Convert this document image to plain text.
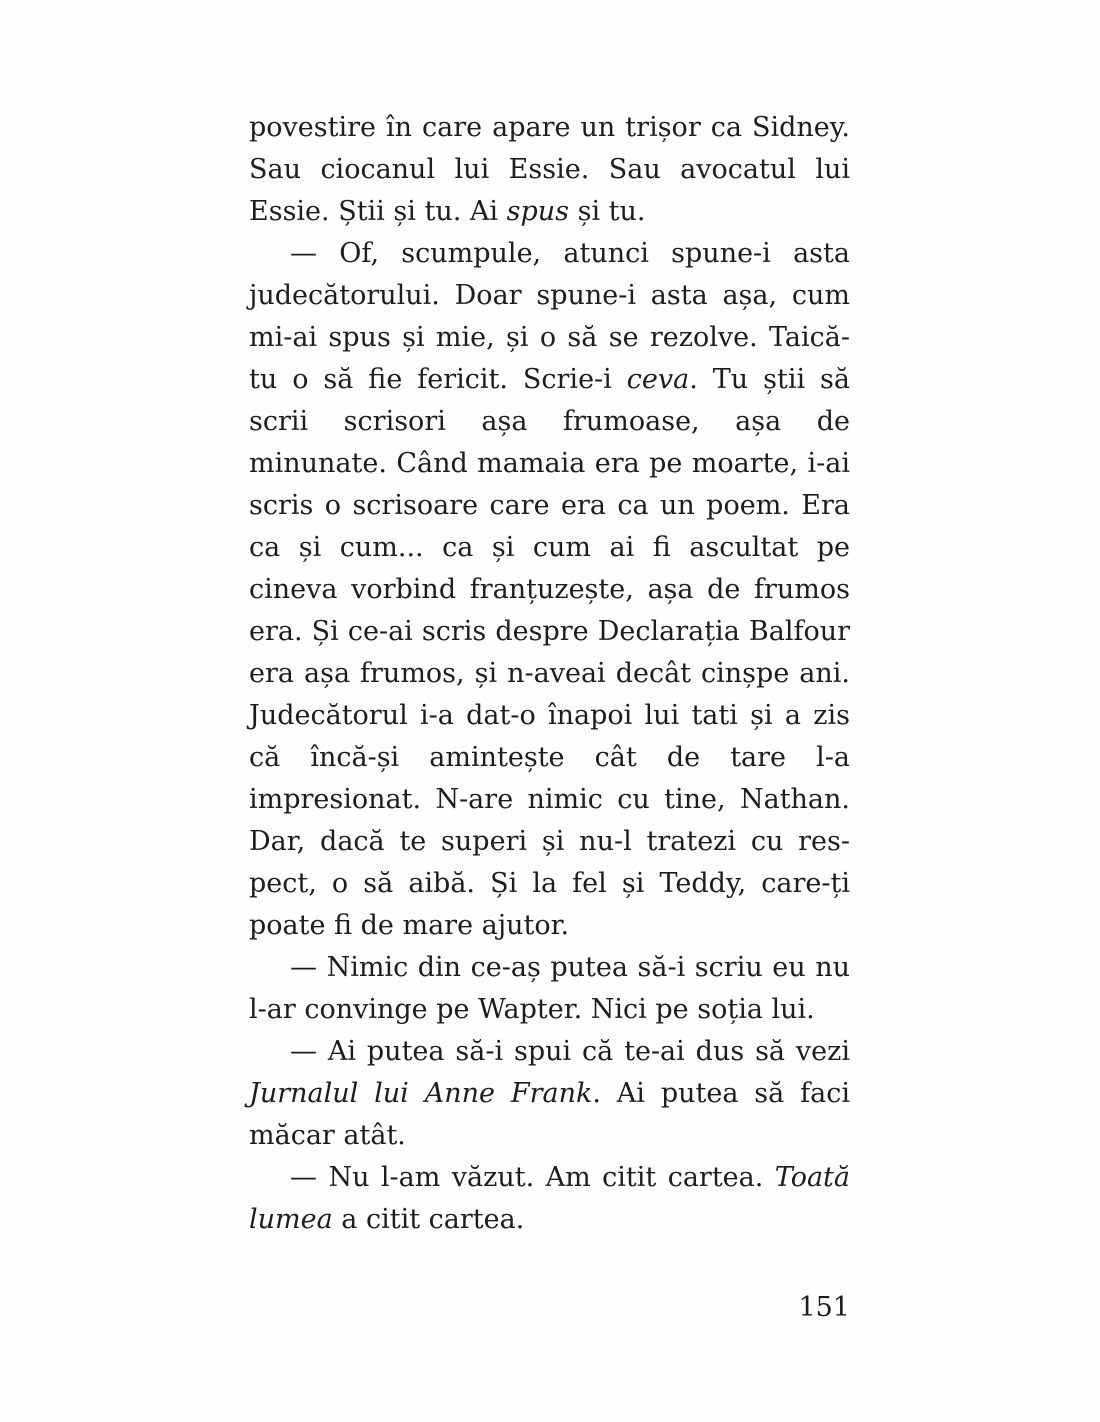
povestire în care apare un trișor ca Sidney. Sau ciocanul lui Essie. Sau avocatul lui Essie. Știi și tu. Ai spus și tu.

— Of, scumpule, atunci spune-i asta judecătorului. Doar spune-i asta așa, cum mi-ai spus și mie, și o să se rezolve. Taică-tu o să fie fericit. Scrie-i ceva. Tu știi să scrii scrisori așa frumoase, așa de minunate. Când mamaia era pe moarte, i-ai scris o scrisoare care era ca un poem. Era ca și cum... ca și cum ai fi ascultat pe cineva vorbind franțuzește, așa de frumos era. Și ce-ai scris despre Declarația Balfour era așa frumos, și n-aveai decât cinșpe ani. Judecătorul i-a dat-o înapoi lui tati și a zis că încă-și amintește cât de tare l-a impresionat. N-are nimic cu tine, Nathan. Dar, dacă te superi și nu-l tratezi cu respect, o să aibă. Și la fel și Teddy, care-ți poate fi de mare ajutor.

— Nimic din ce-aș putea să-i scriu eu nu l-ar convinge pe Wapter. Nici pe soția lui.

— Ai putea să-i spui că te-ai dus să vezi Jurnalul lui Anne Frank. Ai putea să faci măcar atât.

— Nu l-am văzut. Am citit cartea. Toată lumea a citit cartea.

151
